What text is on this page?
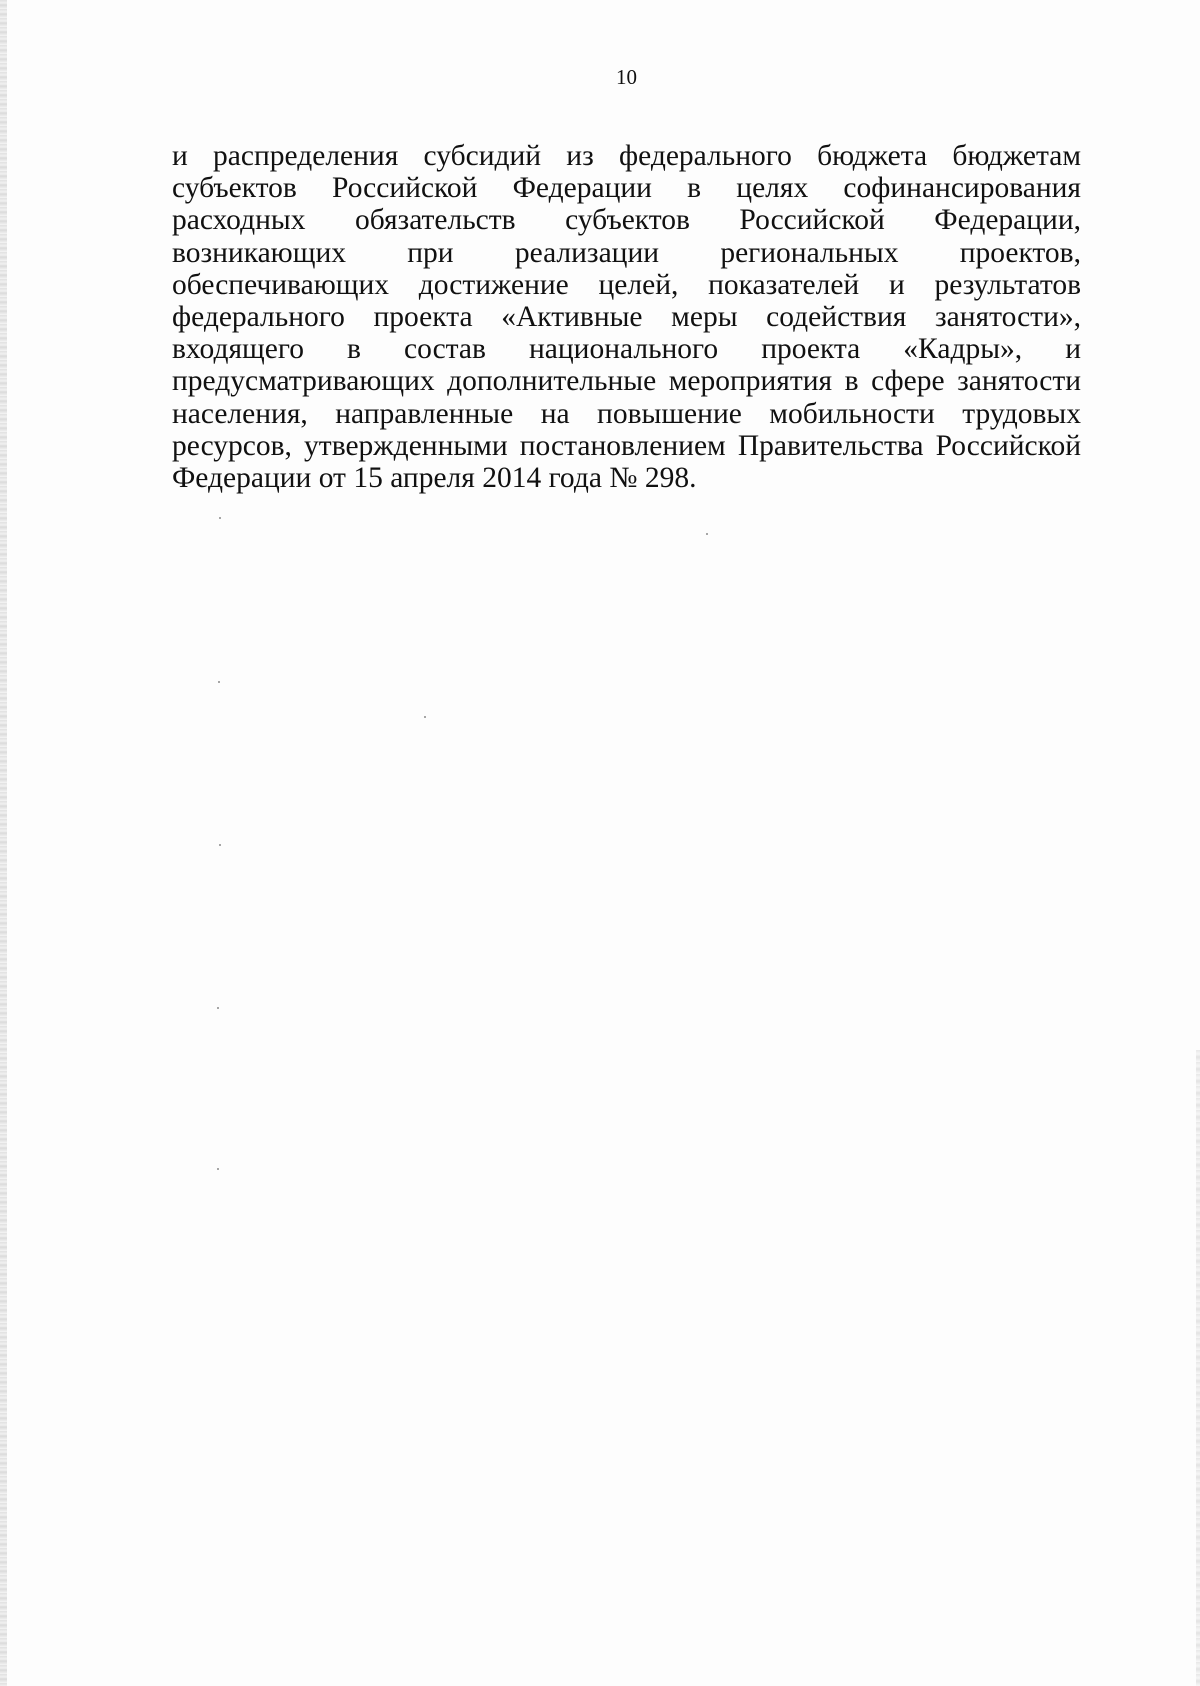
10

и распределения субсидий из федерального бюджета бюджетам субъектов Российской Федерации в целях софинансирования расходных обязательств субъектов Российской Федерации, возникающих при реализации региональных проектов, обеспечивающих достижение целей, показателей и результатов федерального проекта «Активные меры содействия занятости», входящего в состав национального проекта «Кадры», и предусматривающих дополнительные мероприятия в сфере занятости населения, направленные на повышение мобильности трудовых ресурсов, утвержденными постановлением Правительства Российской Федерации от 15 апреля 2014 года № 298.
